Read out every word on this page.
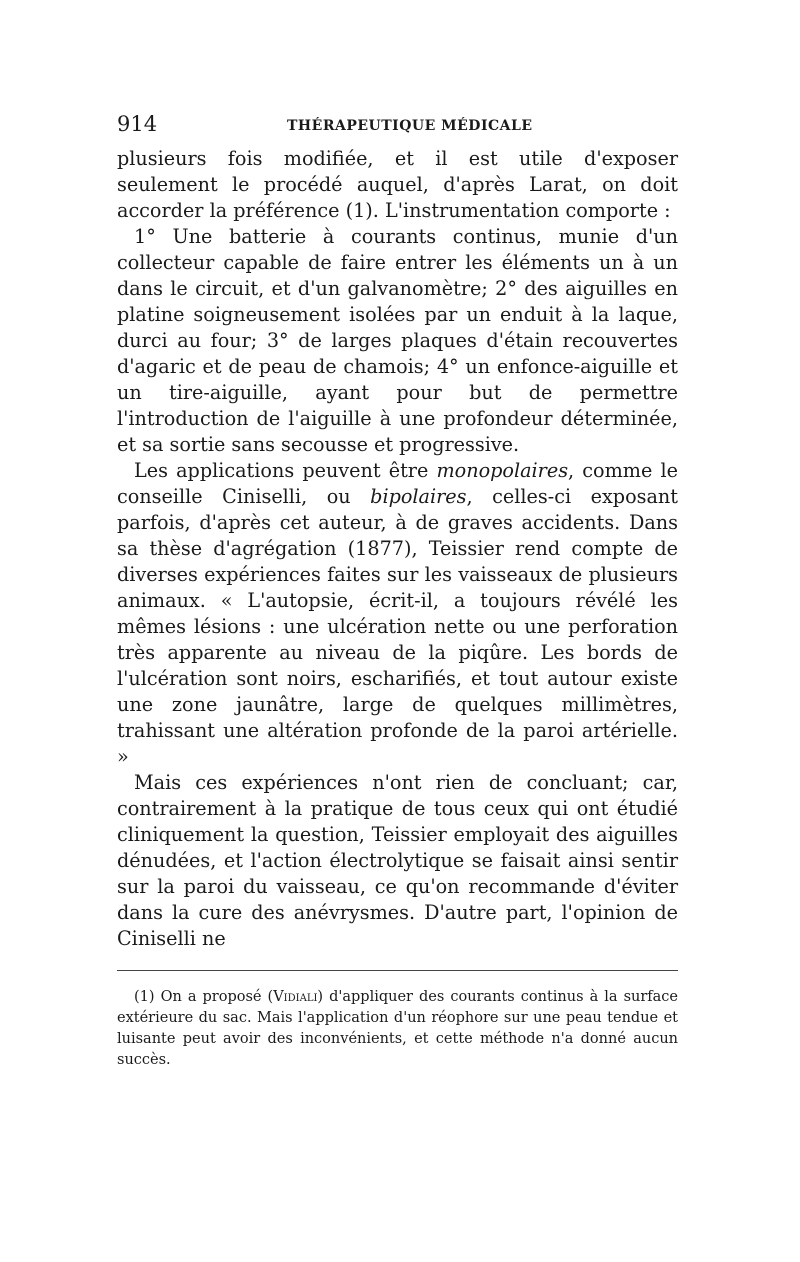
914	THÉRAPEUTIQUE MÉDICALE

plusieurs fois modifiée, et il est utile d'exposer seulement le procédé auquel, d'après Larat, on doit accorder la préférence (1). L'instrumentation comporte :

1° Une batterie à courants continus, munie d'un collecteur capable de faire entrer les éléments un à un dans le circuit, et d'un galvanomètre; 2° des aiguilles en platine soigneusement isolées par un enduit à la laque, durci au four; 3° de larges plaques d'étain recouvertes d'agaric et de peau de chamois; 4° un enfonce-aiguille et un tire-aiguille, ayant pour but de permettre l'introduction de l'aiguille à une profondeur déterminée, et sa sortie sans secousse et progressive.

Les applications peuvent être monopolaires, comme le conseille Ciniselli, ou bipolaires, celles-ci exposant parfois, d'après cet auteur, à de graves accidents. Dans sa thèse d'agrégation (1877), Teissier rend compte de diverses expériences faites sur les vaisseaux de plusieurs animaux. « L'autopsie, écrit-il, a toujours révélé les mêmes lésions : une ulcération nette ou une perforation très apparente au niveau de la piqûre. Les bords de l'ulcération sont noirs, escharifiés, et tout autour existe une zone jaunâtre, large de quelques millimètres, trahissant une altération profonde de la paroi artérielle. »

Mais ces expériences n'ont rien de concluant; car, contrairement à la pratique de tous ceux qui ont étudié cliniquement la question, Teissier employait des aiguilles dénudées, et l'action électrolytique se faisait ainsi sentir sur la paroi du vaisseau, ce qu'on recommande d'éviter dans la cure des anévrysmes. D'autre part, l'opinion de Ciniselli ne

(1) On a proposé (Vidiali) d'appliquer des courants continus à la surface extérieure du sac. Mais l'application d'un réophore sur une peau tendue et luisante peut avoir des inconvénients, et cette méthode n'a donné aucun succès.
